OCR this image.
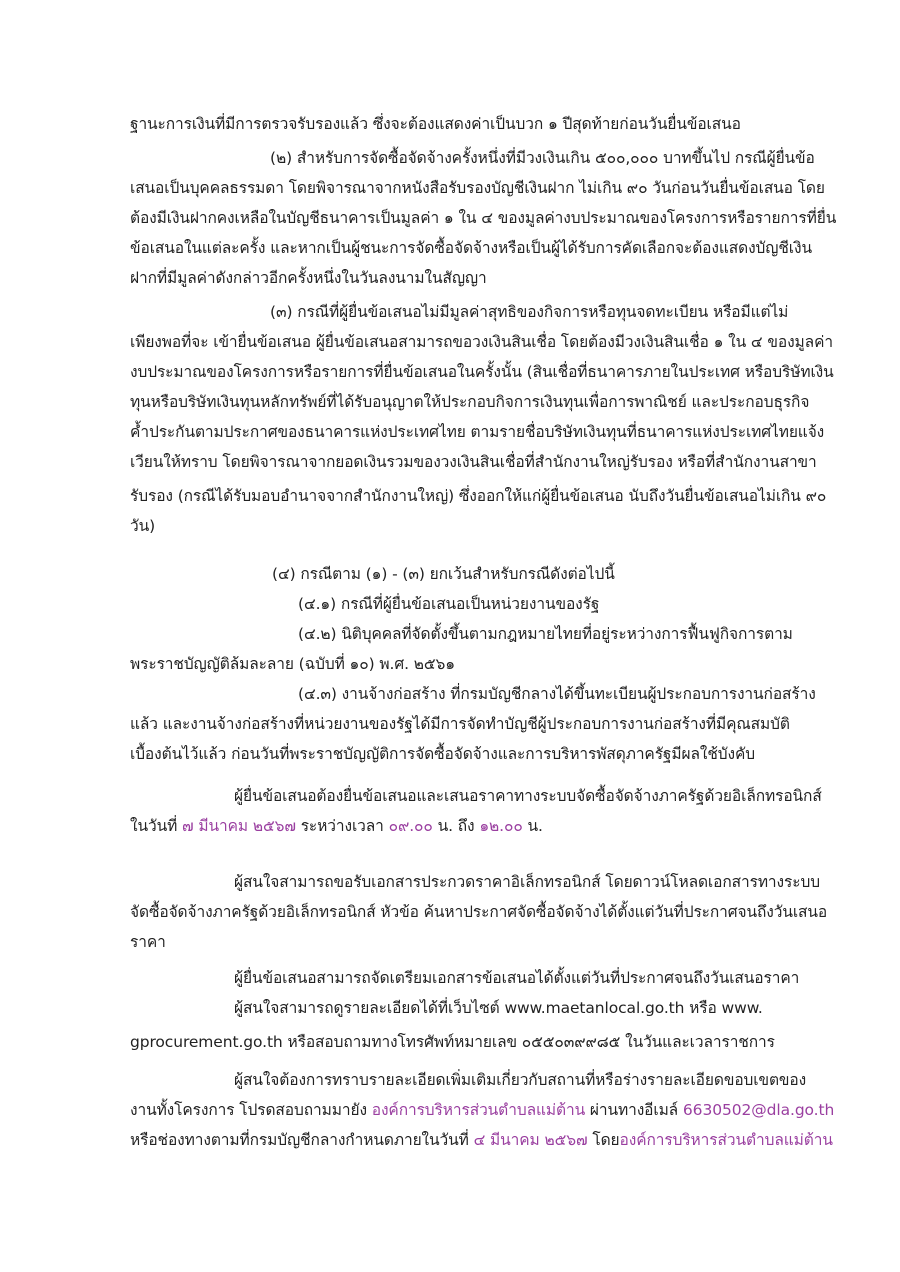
ฐานะการเงินที่มีการตรวจรับรองแล้ว ซึ่งจะต้องแสดงค่าเป็นบวก ๑ ปีสุดท้ายก่อนวันยื่นข้อเสนอ
(๒) สำหรับการจัดซื้อจัดจ้างครั้งหนึ่งที่มีวงเงินเกิน ๕๐๐,๐๐๐ บาทขึ้นไป กรณีผู้ยื่นข้อ
เสนอเป็นบุคคลธรรมดา โดยพิจารณาจากหนังสือรับรองบัญชีเงินฝาก ไม่เกิน ๙๐ วันก่อนวันยื่นข้อเสนอ โดย
ต้องมีเงินฝากคงเหลือในบัญชีธนาคารเป็นมูลค่า ๑ ใน ๔ ของมูลค่างบประมาณของโครงการหรือรายการที่ยื่น
ข้อเสนอในแต่ละครั้ง และหากเป็นผู้ชนะการจัดซื้อจัดจ้างหรือเป็นผู้ได้รับการคัดเลือกจะต้องแสดงบัญชีเงิน
ฝากที่มีมูลค่าดังกล่าวอีกครั้งหนึ่งในวันลงนามในสัญญา
(๓) กรณีที่ผู้ยื่นข้อเสนอไม่มีมูลค่าสุทธิของกิจการหรือทุนจดทะเบียน หรือมีแต่ไม่
เพียงพอที่จะ เข้ายื่นข้อเสนอ ผู้ยื่นข้อเสนอสามารถขอวงเงินสินเชื่อ โดยต้องมีวงเงินสินเชื่อ ๑ ใน ๔ ของมูลค่า
งบประมาณของโครงการหรือรายการที่ยื่นข้อเสนอในครั้งนั้น (สินเชื่อที่ธนาคารภายในประเทศ หรือบริษัทเงิน
ทุนหรือบริษัทเงินทุนหลักทรัพย์ที่ได้รับอนุญาตให้ประกอบกิจการเงินทุนเพื่อการพาณิชย์ และประกอบธุรกิจ
ค้ำประกันตามประกาศของธนาคารแห่งประเทศไทย ตามรายชื่อบริษัทเงินทุนที่ธนาคารแห่งประเทศไทยแจ้ง
เวียนให้ทราบ โดยพิจารณาจากยอดเงินรวมของวงเงินสินเชื่อที่สำนักงานใหญ่รับรอง หรือที่สำนักงานสาขา
รับรอง (กรณีได้รับมอบอำนาจจากสำนักงานใหญ่) ซึ่งออกให้แก่ผู้ยื่นข้อเสนอ นับถึงวันยื่นข้อเสนอไม่เกิน ๙๐
วัน)
(๔) กรณีตาม (๑) - (๓) ยกเว้นสำหรับกรณีดังต่อไปนี้
(๔.๑) กรณีที่ผู้ยื่นข้อเสนอเป็นหน่วยงานของรัฐ
(๔.๒) นิติบุคคลที่จัดตั้งขึ้นตามกฎหมายไทยที่อยู่ระหว่างการฟื้นฟูกิจการตาม
พระราชบัญญัติล้มละลาย (ฉบับที่ ๑๐) พ.ศ. ๒๕๖๑
(๔.๓) งานจ้างก่อสร้าง ที่กรมบัญชีกลางได้ขึ้นทะเบียนผู้ประกอบการงานก่อสร้าง
แล้ว และงานจ้างก่อสร้างที่หน่วยงานของรัฐได้มีการจัดทำบัญชีผู้ประกอบการงานก่อสร้างที่มีคุณสมบัติ
เบื้องต้นไว้แล้ว ก่อนวันที่พระราชบัญญัติการจัดซื้อจัดจ้างและการบริหารพัสดุภาครัฐมีผลใช้บังคับ
ผู้ยื่นข้อเสนอต้องยื่นข้อเสนอและเสนอราคาทางระบบจัดซื้อจัดจ้างภาครัฐด้วยอิเล็กทรอนิกส์
ในวันที่ ๗ มีนาคม ๒๕๖๗ ระหว่างเวลา ๐๙.๐๐ น. ถึง ๑๒.๐๐ น.
ผู้สนใจสามารถขอรับเอกสารประกวดราคาอิเล็กทรอนิกส์ โดยดาวน์โหลดเอกสารทางระบบ
จัดซื้อจัดจ้างภาครัฐด้วยอิเล็กทรอนิกส์ หัวข้อ ค้นหาประกาศจัดซื้อจัดจ้างได้ตั้งแต่วันที่ประกาศจนถึงวันเสนอ
ราคา
ผู้ยื่นข้อเสนอสามารถจัดเตรียมเอกสารข้อเสนอได้ตั้งแต่วันที่ประกาศจนถึงวันเสนอราคา
ผู้สนใจสามารถดูรายละเอียดได้ที่เว็บไซต์ www.maetanlocal.go.th หรือ www.
gprocurement.go.th หรือสอบถามทางโทรศัพท์หมายเลข ๐๕๕๐๓๙๙๘๕ ในวันและเวลาราชการ
ผู้สนใจต้องการทราบรายละเอียดเพิ่มเติมเกี่ยวกับสถานที่หรือร่างรายละเอียดขอบเขตของ
งานทั้งโครงการ โปรดสอบถามมายัง องค์การบริหารส่วนตำบลแม่ต้าน ผ่านทางอีเมล์ 6630502@dla.go.th
หรือช่องทางตามที่กรมบัญชีกลางกำหนดภายในวันที่ ๔ มีนาคม ๒๕๖๗ โดยองค์การบริหารส่วนตำบลแม่ต้าน
